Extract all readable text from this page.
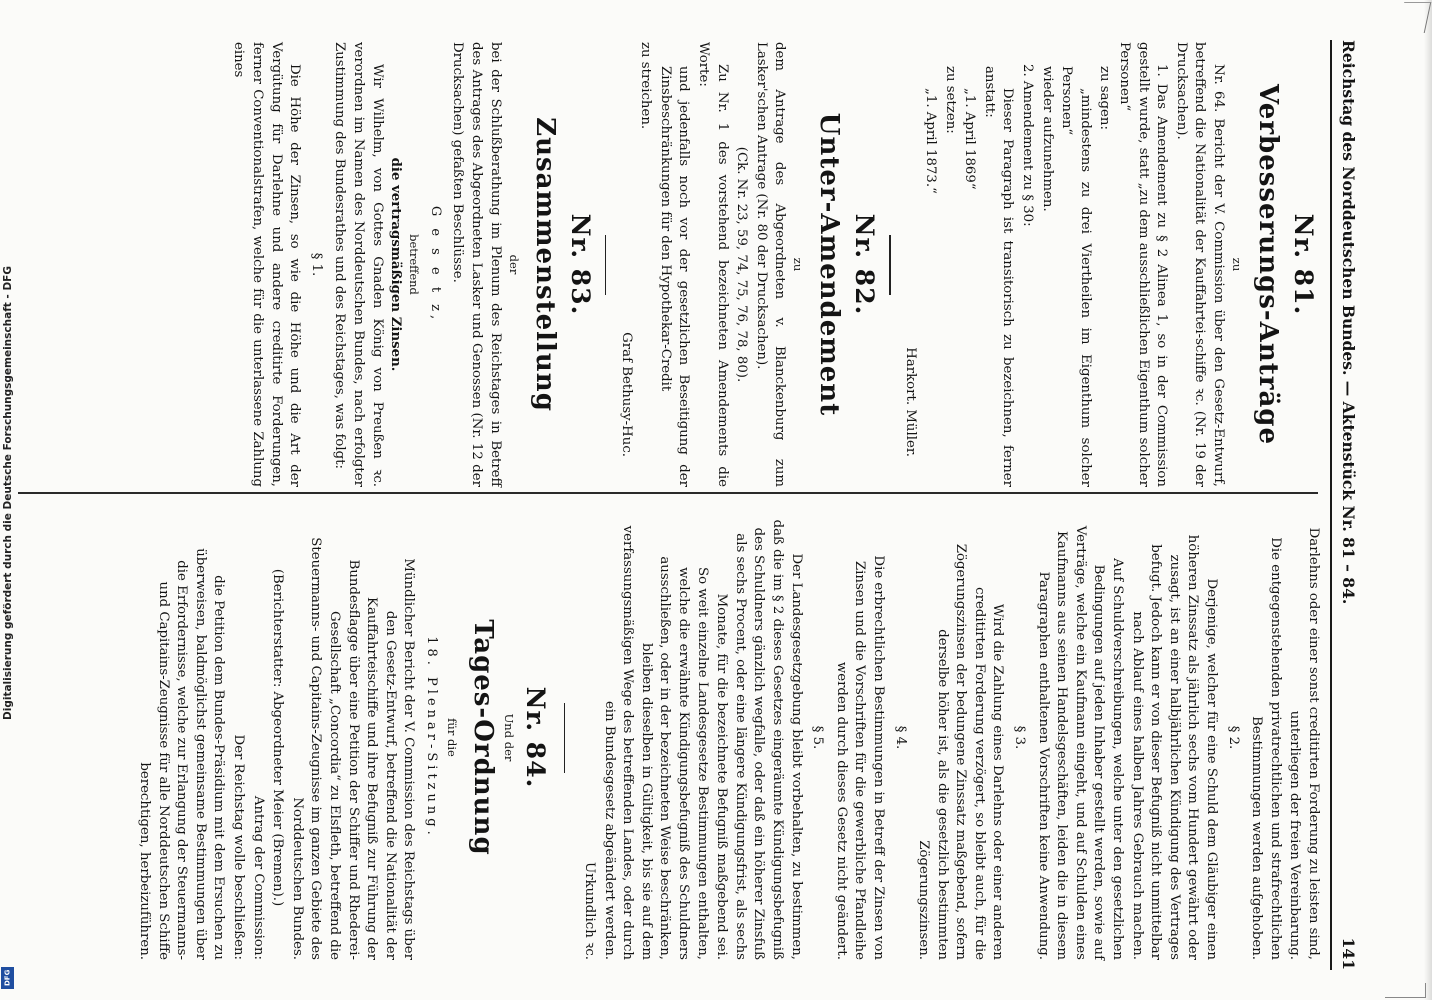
Reichstag des Norddeutschen Bundes. — Aktenstück Nr. 81 – 84.
141
Nr. 81.
Verbesserungs-Anträge
zu

Nr. 64. Bericht der V. Commission über den Gesetz-Entwurf, betreffend die Nationalität der Kauffahrtei-schiffe ꝛc. (Nr. 19 der Drucksachen).

1. Das Amendement zu § 2 Alinea 1, so in der Commission gestellt wurde, statt „zu dem ausschließlichen Eigenthum solcher Personen“

zu sagen:

„mindestens zu drei Viertheilen im Eigenthum solcher Personen“

wieder aufzunehmen.

2. Amendement zu § 30:

Dieser Paragraph ist transitorisch zu bezeichnen, ferner anstatt:

„1. April 1869“

zu setzen:

„1. April 1873.“

Harkort. Müller.

Nr. 82.
Unter-Amendement
zu

dem Antrage des Abgeordneten v. Blanckenburg zum Lasker'schen Antrage (Nr. 80 der Drucksachen).

(Ck. Nr. 23, 59, 74, 75, 76, 78, 80).

Zu Nr. 1 des vorstehend bezeichneten Amendements die Worte:

und jedenfalls noch vor der gesetzlichen Beseitigung der Zinsbeschränkungen für den Hypothekar-Credit

zu streichen.

Graf Bethusy-Huc.

Nr. 83.
Zusammenstellung
der

bei der Schlußberathung im Plenum des Reichstages in Betreff des Antrages des Abgeordneten Lasker und Genossen (Nr. 12 der Drucksachen) gefaßten Beschlüsse.

G e s e t z,
betreffend
die vertragsmäßigen Zinsen.

Wir Wilhelm, von Gottes Gnaden König von Preußen ꝛc. verordnen im Namen des Norddeutschen Bundes, nach erfolgter Zustimmung des Bundesrathes und des Reichstages, was folgt:

§ 1.

Die Höhe der Zinsen, so wie die Höhe und die Art der Vergütung für Darlehne und andere creditirte Forderungen, ferner Conventionalstrafen, welche für die unterlassene Zahlung eines

Darlehns oder einer sonst creditirten Forderung zu leisten sind, unterliegen der freien Vereinbarung.

Die entgegenstehenden privatrechtlichen und strafrechtlichen Bestimmungen werden aufgehoben.

§ 2.

Derjenige, welcher für eine Schuld dem Gläubiger einen höheren Zinssatz als jährlich sechs vom Hundert gewährt oder zusagt, ist an einer halbjährlichen Kündigung des Vertrages befugt. Jedoch kann er von dieser Befugniß nicht unmittelbar nach Ablauf eines halben Jahres Gebrauch machen.

Auf Schuldverschreibungen, welche unter den gesetzlichen Bedingungen auf jeden Inhaber gestellt werden, sowie auf Verträge, welche ein Kaufmann eingeht, und auf Schulden eines Kaufmanns aus seinen Handelsgeschäften, leiden die in diesem Paragraphen enthaltenen Vorschriften keine Anwendung.

§ 3.

Wird die Zahlung eines Darlehns oder einer anderen creditirten Forderung verzögert, so bleibt auch, für die Zögerungszinsen der bedungene Zinssatz maßgebend, sofern derselbe höher ist, als die gesetzlich bestimmten Zögerungszinsen.

§ 4.

Die erbrechtlichen Bestimmungen in Betreff der Zinsen von Zinsen und die Vorschriften für die gewerbliche Pfandleihe werden durch dieses Gesetz nicht geändert.

§ 5.

Der Landesgesetzgebung bleibt vorbehalten, zu bestimmen, daß die im § 2 dieses Gesetzes eingeräumte Kündigungsbefugniß des Schuldners gänzlich wegfalle, oder daß ein höherer Zinsfuß als sechs Procent, oder eine längere Kündigungsfrist, als sechs Monate, für die bezeichnete Befugniß maßgebend sei.

So weit einzelne Landesgesetze Bestimmungen enthalten, welche die erwähnte Kündigungsbefugniß des Schuldners ausschließen, oder in der bezeichneten Weise beschränken, bleiben dieselben in Gültigkeit, bis sie auf dem verfassungsmäßigen Wege des betreffenden Landes, oder durch ein Bundesgesetz abgeändert werden.

Urkundlich ꝛc.

Nr. 84.
Und der
Tages-Ordnung
für die
18. Plenar-Sitzung.

Mündlicher Bericht der V. Commission des Reichstags über den Gesetz-Entwurf, betreffend die Nationalität der Kauffahrteischiffe und ihre Befugniß zur Führung der Bundesflagge über eine Petition der Schiffer und Rhederei-Gesellschaft „Concordia“ zu Elsfleth, betreffend die Steuermanns- und Capitains-Zeugnisse im ganzen Gebiete des Norddeutschen Bundes.

(Berichterstatter: Abgeordneter Meier (Bremen).)

Antrag der Commission:

Der Reichstag wolle beschließen:

die Petition dem Bundes-Präsidium mit dem Ersuchen zu überweisen, baldmöglichst gemeinsame Bestimmungen über die Erfordernisse, welche zur Erlangung der Steuermanns- und Capitains-Zeugnisse für alle Norddeutschen Schiffe berechtigen, herbeizuführen.

Digitalisierung gefördert durch die Deutsche Forschungsgemeinschaft - DFG
DFG
